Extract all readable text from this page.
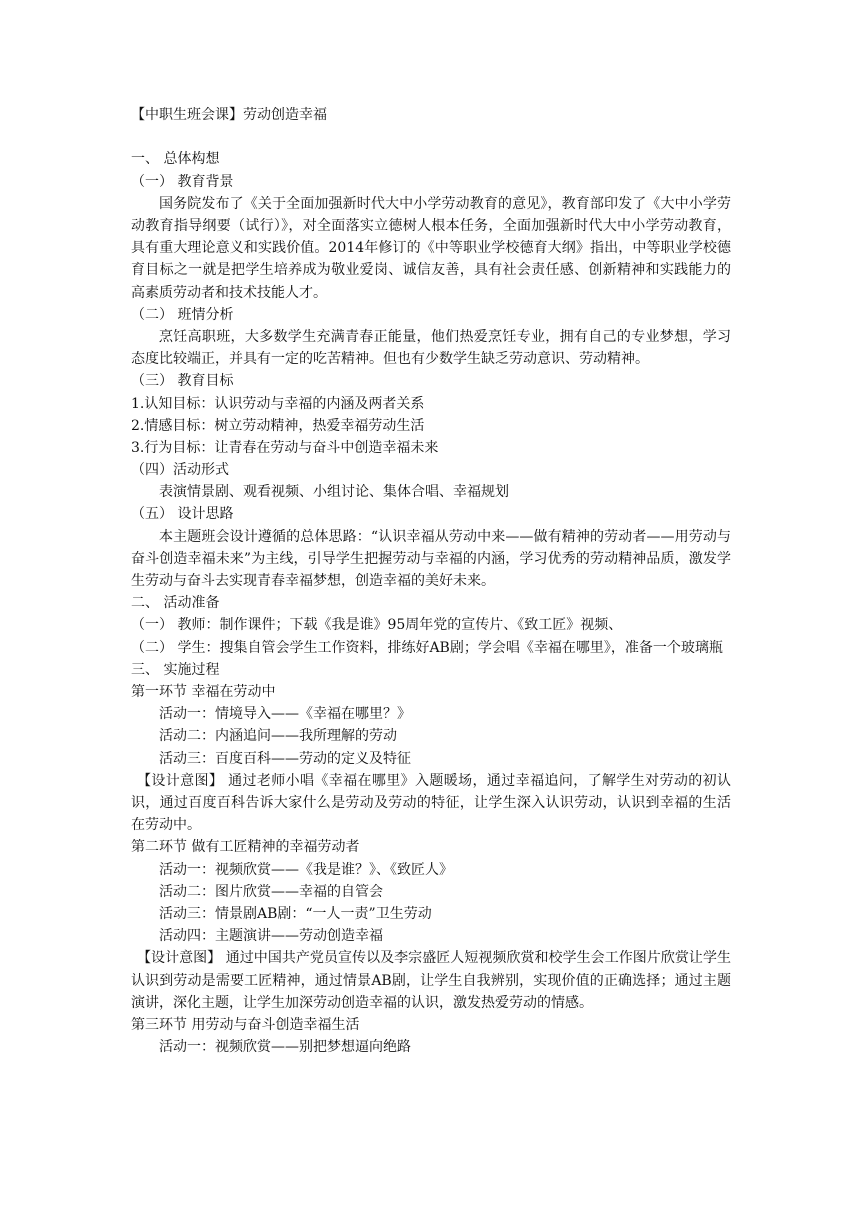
【中职生班会课】劳动创造幸福
一、 总体构想
（一） 教育背景

国务院发布了《关于全面加强新时代大中小学劳动教育的意见》，教育部印发了《大中小学劳动教育指导纲要（试行）》，对全面落实立德树人根本任务，全面加强新时代大中小学劳动教育，具有重大理论意义和实践价值。2014年修订的《中等职业学校德育大纲》指出，中等职业学校德育目标之一就是把学生培养成为敬业爱岗、诚信友善，具有社会责任感、创新精神和实践能力的高素质劳动者和技术技能人才。

（二） 班情分析

烹饪高职班，大多数学生充满青春正能量，他们热爱烹饪专业，拥有自己的专业梦想，学习态度比较端正，并具有一定的吃苦精神。但也有少数学生缺乏劳动意识、劳动精神。

（三） 教育目标
1.认知目标：认识劳动与幸福的内涵及两者关系
2.情感目标：树立劳动精神，热爱幸福劳动生活
3.行为目标：让青春在劳动与奋斗中创造幸福未来
（四）活动形式
表演情景剧、观看视频、小组讨论、集体合唱、幸福规划
（五） 设计思路

本主题班会设计遵循的总体思路：“认识幸福从劳动中来——做有精神的劳动者——用劳动与奋斗创造幸福未来”为主线，引导学生把握劳动与幸福的内涵，学习优秀的劳动精神品质，激发学生劳动与奋斗去实现青春幸福梦想，创造幸福的美好未来。

二、 活动准备
（一） 教师：制作课件；下载《我是谁》95周年党的宣传片、《致工匠》视频、

（二） 学生：搜集自管会学生工作资料，排练好AB剧；学会唱《幸福在哪里》，准备一个玻璃瓶

三、 实施过程
第一环节 幸福在劳动中
活动一：情境导入——《幸福在哪里？》
活动二：内涵追问——我所理解的劳动
活动三：百度百科——劳动的定义及特征

【设计意图】 通过老师小唱《幸福在哪里》入题暖场，通过幸福追问，了解学生对劳动的初认识，通过百度百科告诉大家什么是劳动及劳动的特征，让学生深入认识劳动，认识到幸福的生活在劳动中。

第二环节 做有工匠精神的幸福劳动者
活动一：视频欣赏——《我是谁？》、《致匠人》
活动二：图片欣赏——幸福的自管会
活动三：情景剧AB剧：“一人一责”卫生劳动
活动四：主题演讲——劳动创造幸福

【设计意图】 通过中国共产党员宣传以及李宗盛匠人短视频欣赏和校学生会工作图片欣赏让学生认识到劳动是需要工匠精神，通过情景AB剧，让学生自我辨别，实现价值的正确选择；通过主题演讲，深化主题，让学生加深劳动创造幸福的认识，激发热爱劳动的情感。

第三环节 用劳动与奋斗创造幸福生活
活动一：视频欣赏——别把梦想逼向绝路
